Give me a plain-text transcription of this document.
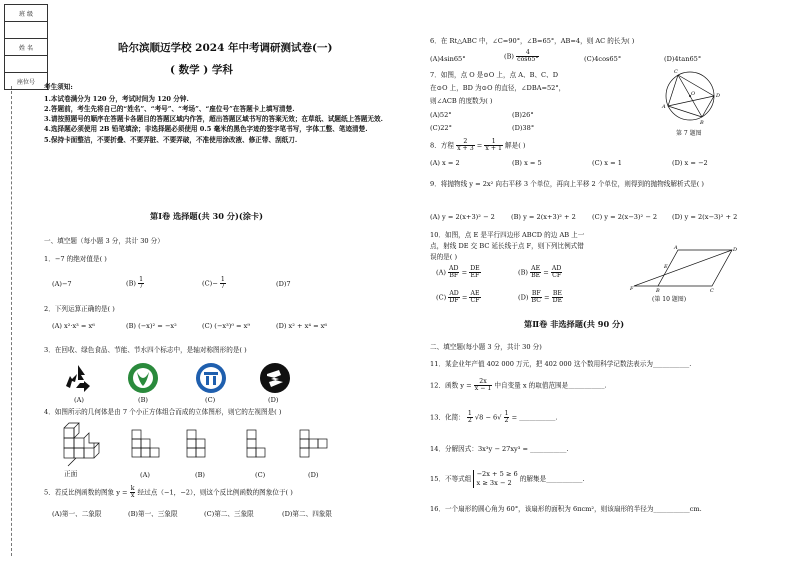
班 级
姓 名
座位号
哈尔滨顺迈学校 2024 年中考调研测试卷(一)
( 数学 ) 学科
考生须知:
1.本试卷满分为 120 分，考试时间为 120 分钟.
2.答题前，考生先将自己的“姓名”、“考号”、“考场”、“座位号”在答题卡上填写清楚.
3.请按照题号的顺序在答题卡各题目的答题区域内作答，超出答题区域书写的答案无效；在草纸、试题纸上答题无效.
4.选择题必须使用 2B 铅笔填涂；非选择题必须使用 0.5 毫米的黑色字迹的签字笔书写，字体工整、笔迹清楚.
5.保持卡面整洁，不要折叠、不要弄脏、不要弄破，不准使用涂改液、修正带、刮纸刀.
第Ⅰ卷 选择题(共 30 分)(涂卡)
一、填空题（每小题 3 分，共计 30 分）
1．−7 的绝对值是( )
(A)−7	$(B) \frac{1}{7}$	$(C)- \frac{1}{7}$	(D)7
2．下列运算正确的是( )
(A) x²·x³ = x⁶	(B) (−x)² = −x²	(C) (−x³)⁰ = x⁹	(D) x² + x⁴ = x⁶
3．在回收、绿色食品、节能、节水四个标志中，是轴对称图形的是( )
(A)	(B)	(C)	(D)
4．如图所示的几何体是由 7 个小正方体组合而成的立体图形，则它的左视图是( )
正面	(A)	(B)	(C)	(D)
5．若反比例函数的图象 $y = \frac{k}{x}$ 经过点（−1，−2），则这个反比例函数的图象位于( )
(A)第一、二象限	(B)第一、三象限	(C)第二、三象限	(D)第二、四象限
6．在 Rt△ABC 中，∠C=90°，∠B=65°，AB=4，则 AC 的长为( )
(A)4sin65°	$(B) \frac{4}{\cos 65^\circ}$	(C)4cos65°	(D)4tan65°
7．如图，点 O 是⊙O 上，点 A、B、C、D
在⊙O 上，BD 为⊙O 的直径，∠DBA=52°，
则∠ACB 的度数为( )
(A)52°	(B)26°
(C)22°	(D)38°
C
A
D
B
O
第 7 题图
8．方程 $\frac{2}{x + 3} = \frac{1}{x + 1}$ 解是( )
(A) x = 2	(B) x = 5	(C) x = 1	(D) x = −2
9．将抛物线 y = 2x² 向右平移 3 个单位，再向上平移 2 个单位，则得到的抛物线解析式是( )
(A) y = 2(x+3)² − 2 (B) y = 2(x+3)² + 2 (C) y = 2(x−3)² − 2 (D) y = 2(x−3)² + 2
10．如图，点 E 是平行四边形 ABCD 的边 AB 上一
点，射线 DE 交 BC 延长线于点 F，则下列比例式错
误的是( )
$(A) \frac{AD}{BF} = \frac{DE}{EF}$	$(B) \frac{AE}{BE} = \frac{AD}{CF}$
$(C) \frac{AD}{DF} = \frac{AE}{CF}$	$(D) \frac{BF}{BC} = \frac{BE}{DE}$
A	D
C
B
F
E
(第 10 题图)
第Ⅱ卷 非选择题(共 90 分)
二、填空题(每小题 3 分，共计 30 分)
11．某企业年产值 402 000 万元，把 402 000 这个数用科学记数法表示为___________.
12．函数 $y = \frac{2x}{x - 1}$ 中自变量 x 的取值范围是___________.
13．化简： $\frac{1}{2} √8 - 6√ \frac{1}{2}$ = ___________.
14．分解因式：3x³y − 27xy³ = ___________.
15．不等式组
−2x + 5 ≥ 6
x ≥ 3x − 2	的解集是___________.
16．一个扇形的圆心角为 60°，该扇形的面积为 6πcm²，则该扇形的半径为___________cm.
